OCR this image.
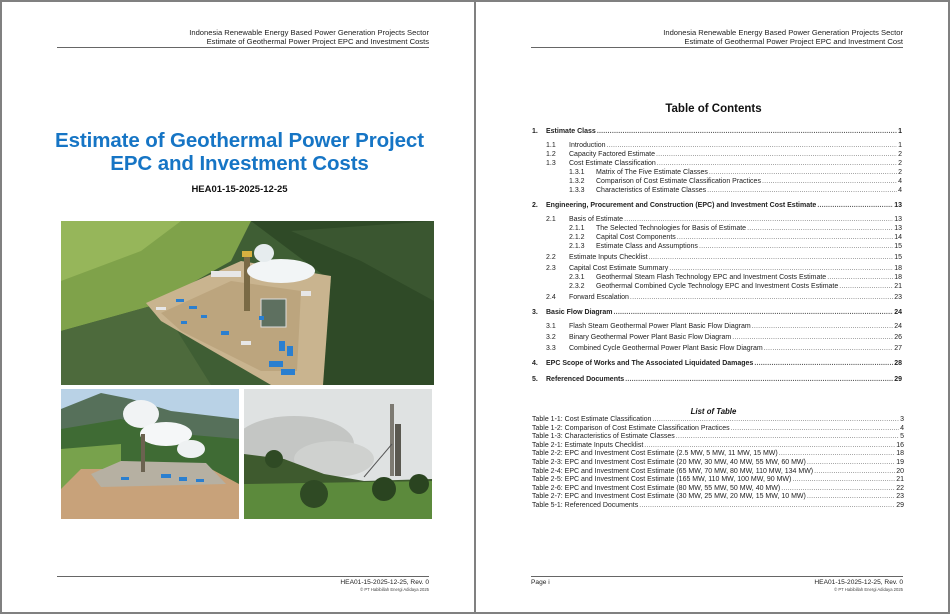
Indonesia Renewable Energy Based Power Generation Projects Sector
Estimate of Geothermal Power Project EPC and Investment Costs
Estimate of Geothermal Power Project
EPC and Investment Costs
HEA01-15-2025-12-25
HEA01-15-2025-12-25, Rev. 0
© PT Habibillah Energi Adidaya 2025
Indonesia Renewable Energy Based Power Generation Projects Sector
Estimate of Geothermal Power Project EPC and Investment Cost
Table of Contents
1.	Estimate Class .....	1
1.1	Introduction .....	1
1.2	Capacity Factored Estimate .....	2
1.3	Cost Estimate Classification .....	2
1.3.1	Matrix of The Five Estimate Classes .....	2
1.3.2	Comparison of Cost Estimate Classification Practices .....	4
1.3.3	Characteristics of Estimate Classes .....	4
2.	Engineering, Procurement and Construction (EPC) and Investment Cost Estimate .....	13
2.1	Basis of Estimate .....	13
2.1.1	The Selected Technologies for Basis of Estimate .....	13
2.1.2	Capital Cost Components .....	14
2.1.3	Estimate Class and Assumptions .....	15
2.2	Estimate Inputs Checklist .....	15
2.3	Capital Cost Estimate Summary .....	18
2.3.1	Geothermal Steam Flash Technology EPC and Investment Costs Estimate .....	18
2.3.2	Geothermal Combined Cycle Technology EPC and Investment Costs Estimate .....	21
2.4	Forward Escalation .....	23
3.	Basic Flow Diagram .....	24
3.1	Flash Steam Geothermal Power Plant Basic Flow Diagram .....	24
3.2	Binary Geothermal Power Plant Basic Flow Diagram .....	26
3.3	Combined Cycle Geothermal Power Plant Basic Flow Diagram .....	27
4.	EPC Scope of Works and The Associated Liquidated Damages .....	28
5.	Referenced Documents .....	29
List of Table
Table 1-1: Cost Estimate Classification .....	3
Table 1-2: Comparison of Cost Estimate Classification Practices .....	4
Table 1-3: Characteristics of Estimate Classes .....	5
Table 2-1: Estimate Inputs Checklist .....	16
Table 2-2: EPC and Investment Cost Estimate (2.5 MW, 5 MW, 11 MW, 15 MW) .....	18
Table 2-3: EPC and Investment Cost Estimate (20 MW, 30 MW, 40 MW, 55 MW, 60 MW) .....	19
Table 2-4: EPC and Investment Cost Estimate (65 MW, 70 MW, 80 MW, 110 MW, 134 MW) .....	20
Table 2-5: EPC and Investment Cost Estimate (165 MW, 110 MW, 100 MW, 90 MW) .....	21
Table 2-6: EPC and Investment Cost Estimate (80 MW, 55 MW, 50 MW, 40 MW) .....	22
Table 2-7: EPC and Investment Cost Estimate (30 MW, 25 MW, 20 MW, 15 MW, 10 MW) .....	23
Table 5-1: Referenced Documents .....	29
Page i	HEA01-15-2025-12-25, Rev. 0
© PT Habibillah Energi Adidaya 2025
